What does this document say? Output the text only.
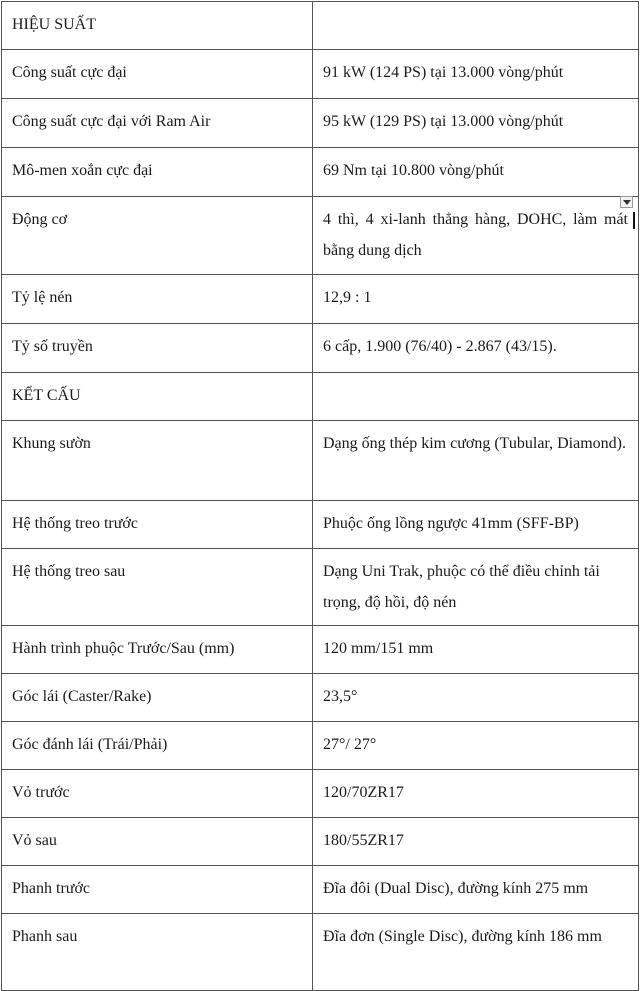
HIỆU SUẤT	

Công suất cực đại	91 kW (124 PS) tại 13.000 vòng/phút

Công suất cực đại với Ram Air	95 kW (129 PS) tại 13.000 vòng/phút

Mô-men xoắn cực đại	69 Nm tại 10.800 vòng/phút

Động cơ	4 thì, 4 xi-lanh thẳng hàng, DOHC, làm mát bằng dung dịch

Tỷ lệ nén	12,9 : 1

Tỷ số truyền	6 cấp, 1.900 (76/40) - 2.867 (43/15).

KẾT CẤU	

Khung sườn	Dạng ống thép kim cương (Tubular, Diamond).

Hệ thống treo trước	Phuộc ống lồng ngược 41mm (SFF-BP)

Hệ thống treo sau	Dạng Uni Trak, phuộc có thể điều chỉnh tải trọng, độ hồi, độ nén

Hành trình phuộc Trước/Sau (mm)	120 mm/151 mm

Góc lái (Caster/Rake)	23,5°

Góc đánh lái (Trái/Phải)	27°/ 27°

Vỏ trước	120/70ZR17

Vỏ sau	180/55ZR17

Phanh trước	Đĩa đôi (Dual Disc), đường kính 275 mm

Phanh sau	Đĩa đơn (Single Disc), đường kính 186 mm
